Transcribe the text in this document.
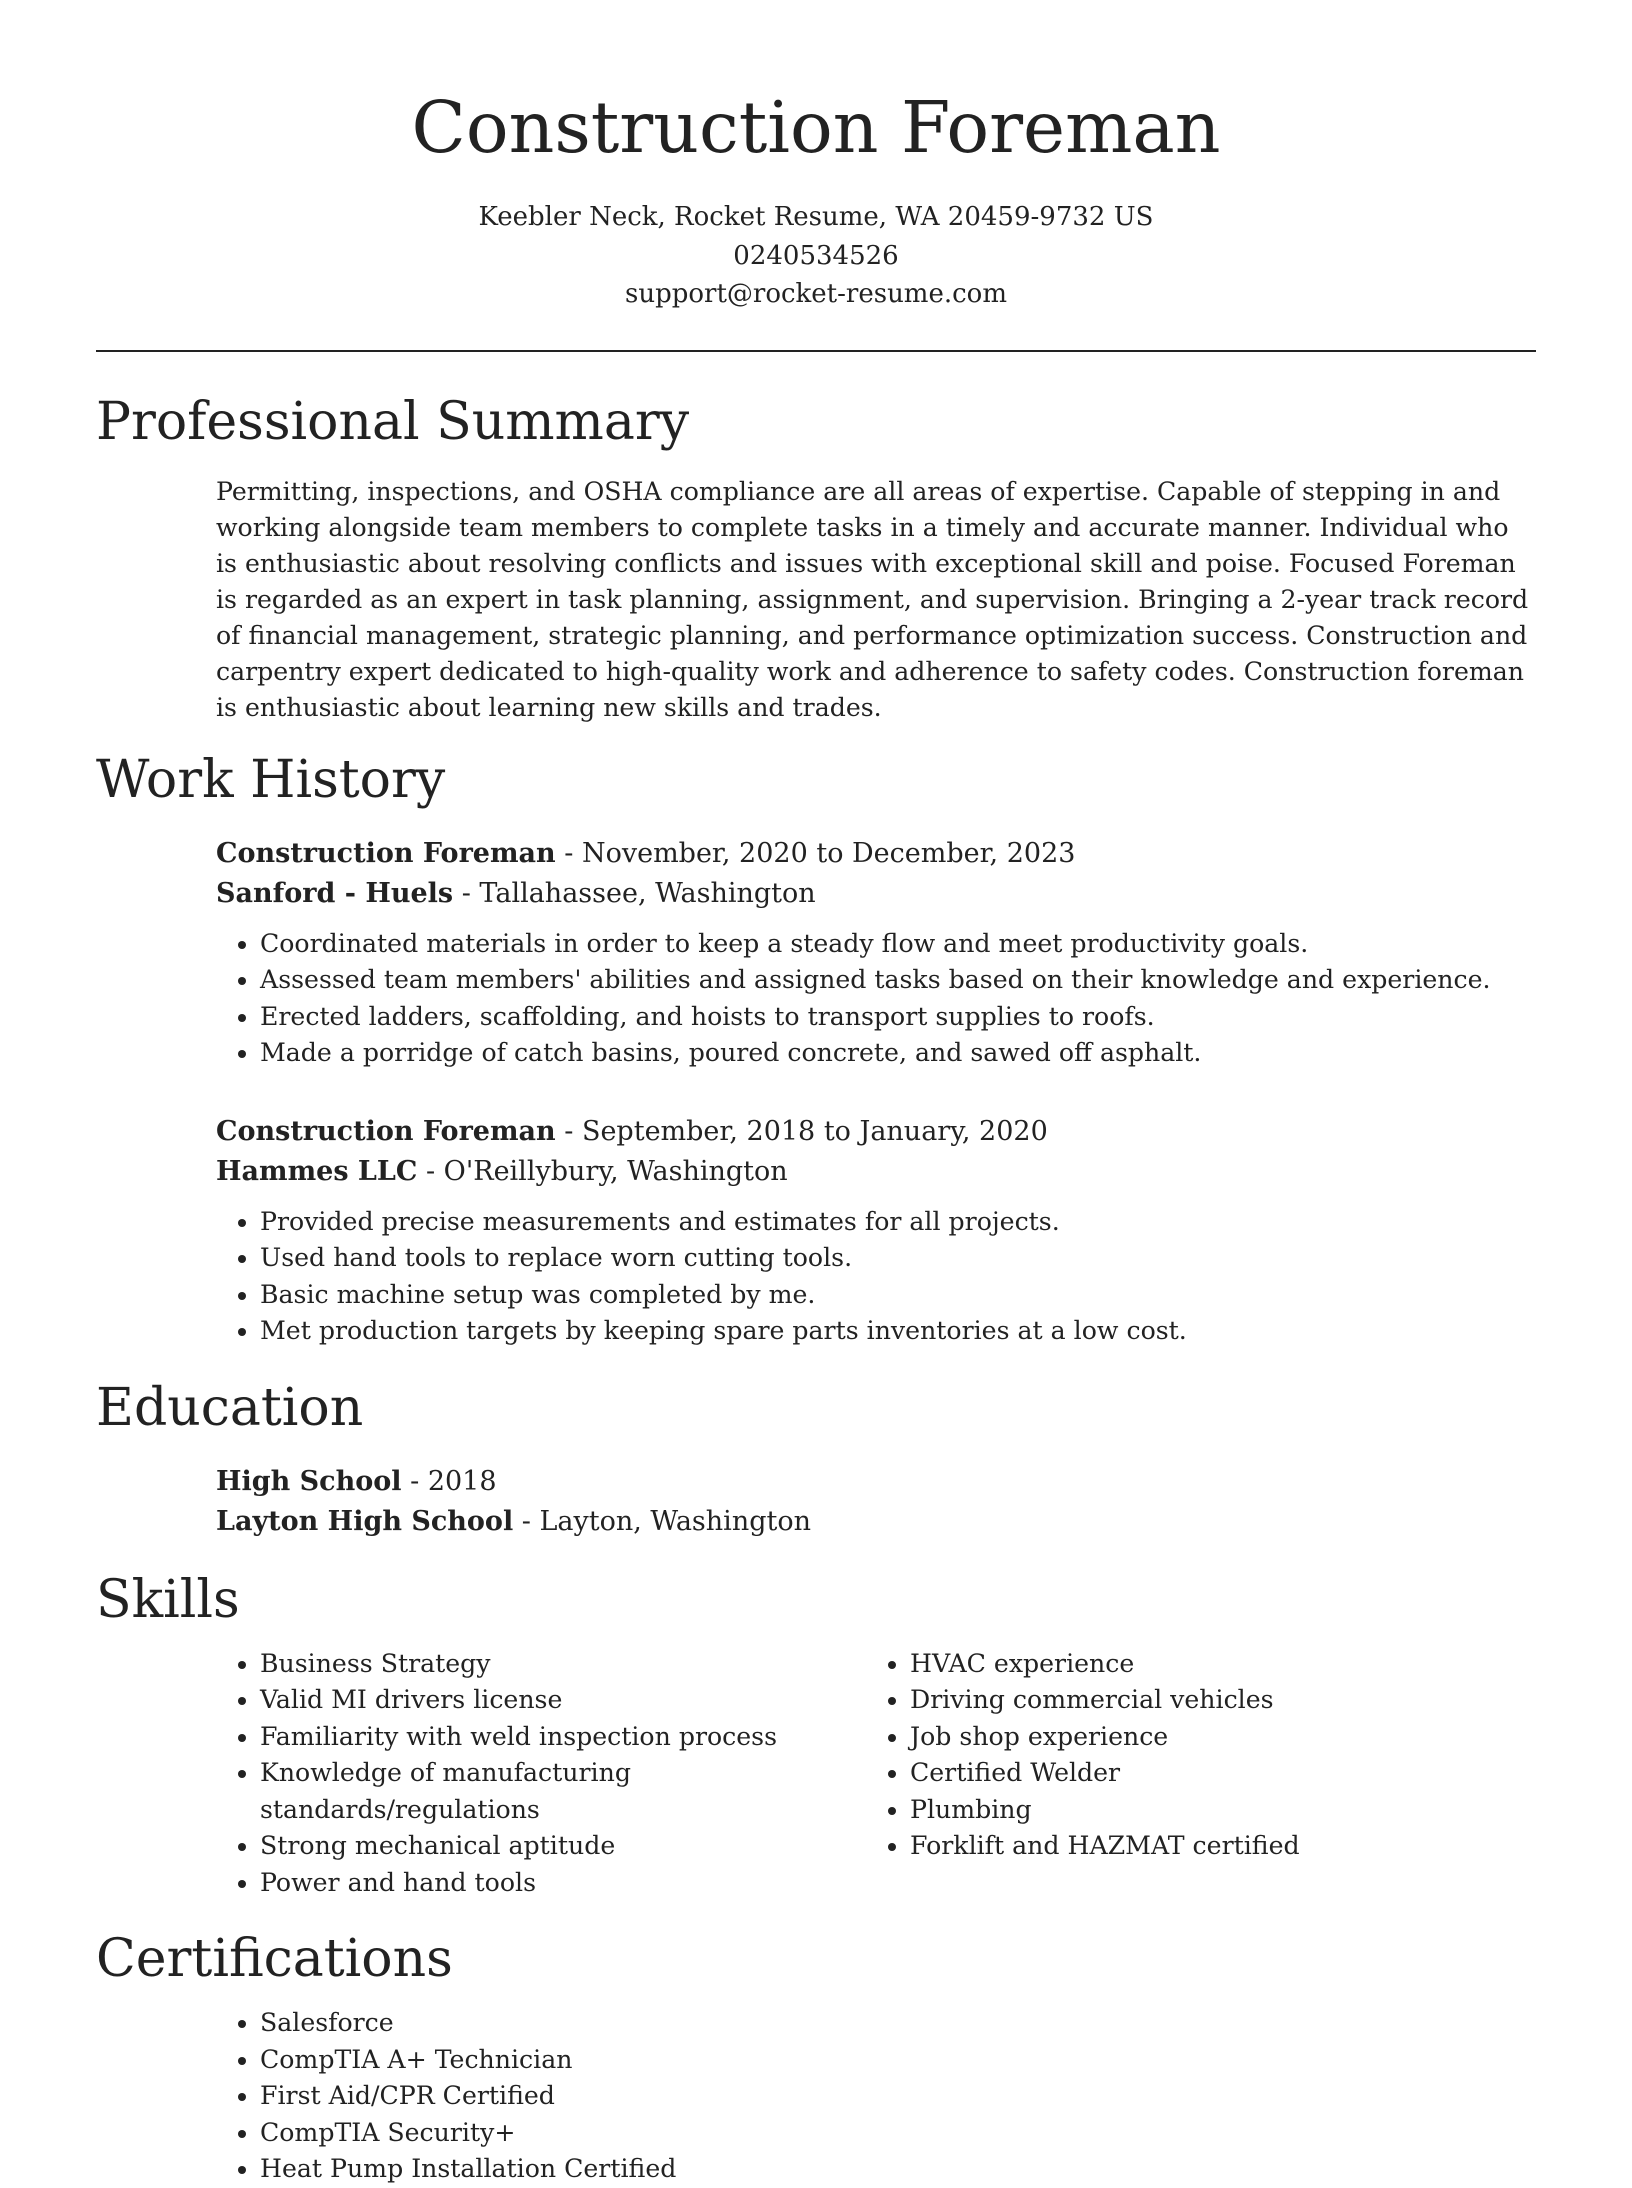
Construction Foreman
Keebler Neck, Rocket Resume, WA 20459-9732 US
0240534526
support@rocket-resume.com
Professional Summary

Permitting, inspections, and OSHA compliance are all areas of expertise. Capable of stepping in and working alongside team members to complete tasks in a timely and accurate manner. Individual who is enthusiastic about resolving conflicts and issues with exceptional skill and poise. Focused Foreman is regarded as an expert in task planning, assignment, and supervision. Bringing a 2-year track record of financial management, strategic planning, and performance optimization success. Construction and carpentry expert dedicated to high-quality work and adherence to safety codes. Construction foreman is enthusiastic about learning new skills and trades.

Work History
Construction Foreman - November, 2020 to December, 2023
Sanford - Huels - Tallahassee, Washington
• Coordinated materials in order to keep a steady flow and meet productivity goals.
• Assessed team members' abilities and assigned tasks based on their knowledge and experience.
• Erected ladders, scaffolding, and hoists to transport supplies to roofs.
• Made a porridge of catch basins, poured concrete, and sawed off asphalt.
Construction Foreman - September, 2018 to January, 2020
Hammes LLC - O'Reillybury, Washington
• Provided precise measurements and estimates for all projects.
• Used hand tools to replace worn cutting tools.
• Basic machine setup was completed by me.
• Met production targets by keeping spare parts inventories at a low cost.
Education
High School - 2018
Layton High School - Layton, Washington
Skills
• Business Strategy
• Valid MI drivers license
• Familiarity with weld inspection process
• Knowledge of manufacturing standards/regulations
• Strong mechanical aptitude
• Power and hand tools
• HVAC experience
• Driving commercial vehicles
• Job shop experience
• Certified Welder
• Plumbing
• Forklift and HAZMAT certified
Certifications
• Salesforce
• CompTIA A+ Technician
• First Aid/CPR Certified
• CompTIA Security+
• Heat Pump Installation Certified
